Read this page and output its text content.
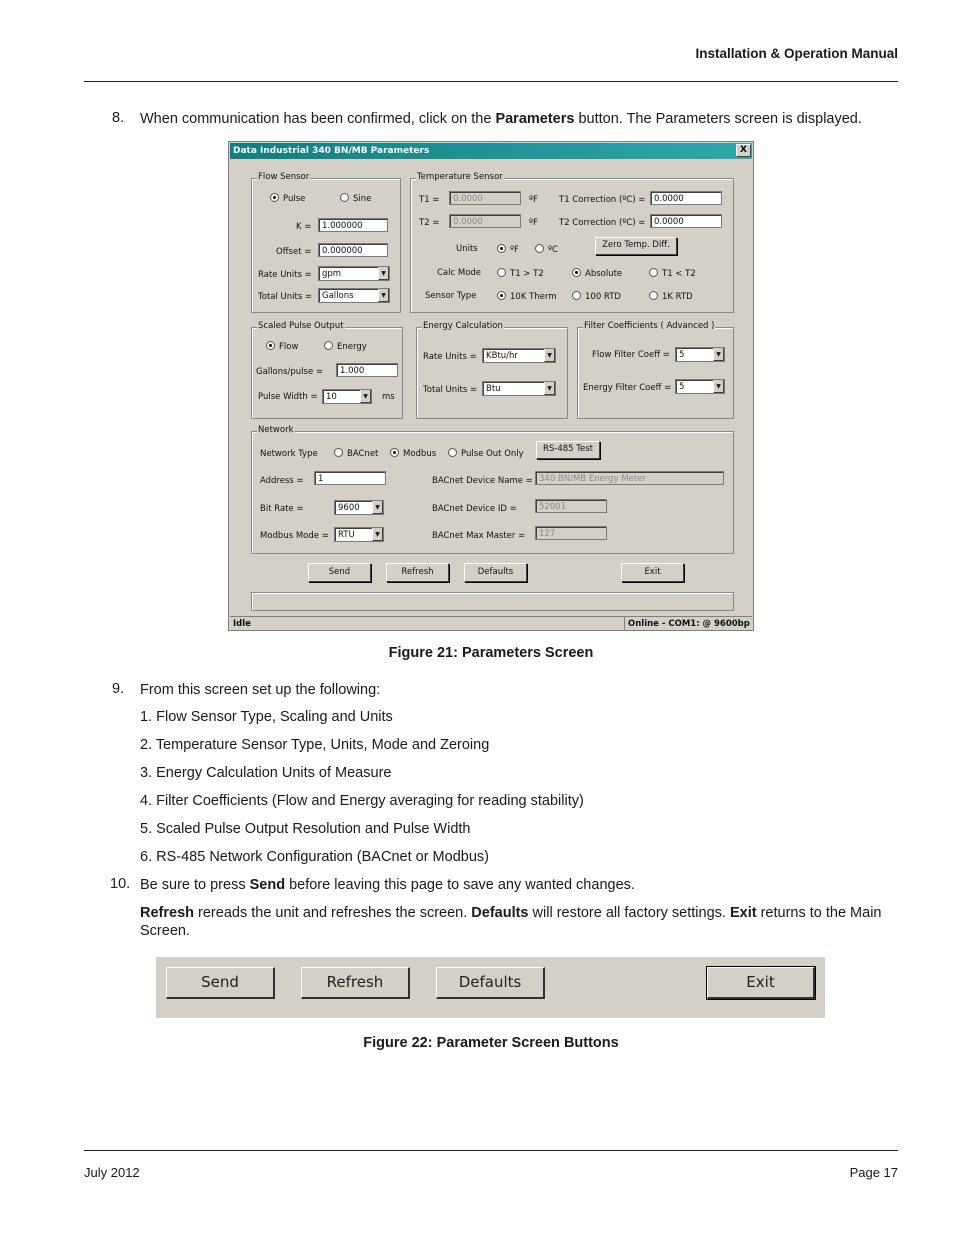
Installation & Operation Manual
8. When communication has been confirmed, click on the Parameters button. The Parameters screen is displayed.
Data Industrial 340 BN/MB Parameters	X
Flow Sensor
Pulse	Sine
K =	1.000000
Offset =	0.000000
Rate Units =	gpm	▼
Total Units =	Gallons	▼
Temperature Sensor
T1 =	0.0000	ºF T1 Correction (ºC) =	0.0000
T2 =	0.0000	ºF T2 Correction (ºC) =	0.0000
Units	ºF	ºC	Zero Temp. Diff.
Calc Mode	T1 > T2	Absolute	T1 < T2
Sensor Type	10K Therm	100 RTD	1K RTD
Scaled Pulse Output
Flow	Energy
Gallons/pulse =	1.000
Pulse Width = 10	▼	ms
Energy Calculation
Rate Units =	KBtu/hr	▼
Total Units =	Btu	▼
Filter Coefficients ( Advanced )
Flow Filter Coeff =	5	▼
Energy Filter Coeff = 5	▼
Network
Network Type	BACnet	Modbus	Pulse Out Only	RS-485 Test
Address =	1	BACnet Device Name = 340 BN/MB Energy Meter
Bit Rate =	9600	▼	BACnet Device ID =	52001
Modbus Mode =	RTU	▼	BACnet Max Master =	127
Send	Refresh	Defaults	Exit
Idle	Online - COM1: @ 9600bp
Figure 21: Parameters Screen
9. From this screen set up the following:
1. Flow Sensor Type, Scaling and Units
2. Temperature Sensor Type, Units, Mode and Zeroing
3. Energy Calculation Units of Measure
4. Filter Coefficients (Flow and Energy averaging for reading stability)
5. Scaled Pulse Output Resolution and Pulse Width
6. RS-485 Network Configuration (BACnet or Modbus)
10. Be sure to press Send before leaving this page to save any wanted changes.
Refresh rereads the unit and refreshes the screen. Defaults will restore all factory settings. Exit returns to the Main
Screen.
Send	Refresh	Defaults	Exit
Figure 22: Parameter Screen Buttons
July 2012	Page 17
